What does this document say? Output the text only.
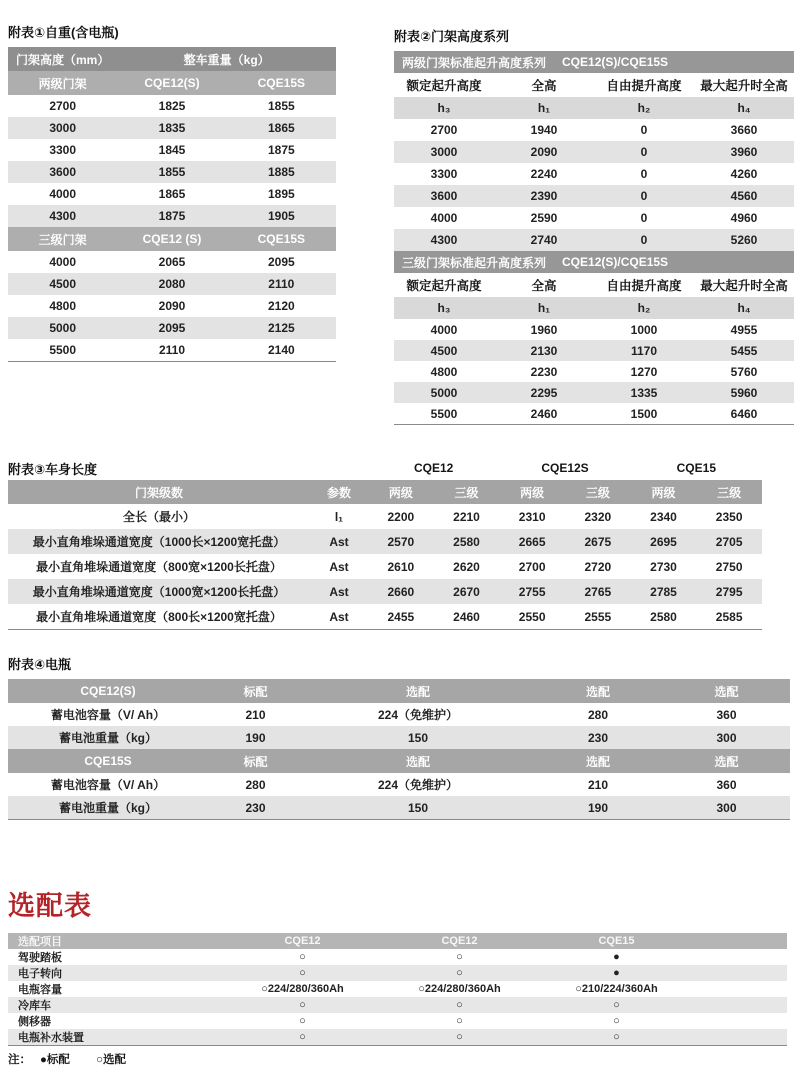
附表①自重(含电瓶)
门架高度（mm）	整车重量（kg）
两级门架	CQE12(S)	CQE15S
2700	1825	1855
3000	1835	1865
3300	1845	1875
3600	1855	1885
4000	1865	1895
4300	1875	1905
三级门架	CQE12 (S)	CQE15S
4000	2065	2095
4500	2080	2110
4800	2090	2120
5000	2095	2125
5500	2110	2140
附表②门架高度系列
两级门架标准起升高度系列 CQE12(S)/CQE15S
额定起升高度	全高	自由提升高度	最大起升时全高
h₃	h₁	h₂	h₄
2700	1940	0	3660
3000	2090	0	3960
3300	2240	0	4260
3600	2390	0	4560
4000	2590	0	4960
4300	2740	0	5260
三级门架标准起升高度系列 CQE12(S)/CQE15S
额定起升高度	全高	自由提升高度	最大起升时全高
h₃	h₁	h₂	h₄
4000	1960	1000	4955
4500	2130	1170	5455
4800	2230	1270	5760
5000	2295	1335	5960
5500	2460	1500	6460
附表③车身长度	CQE12	CQE12S	CQE15
门架级数	参数	两级	三级	两级	三级	两级	三级
全长（最小）	l₁	2200	2210	2310	2320	2340	2350
最小直角堆垛通道宽度（1000长×1200宽托盘）	Ast	2570	2580	2665	2675	2695	2705
最小直角堆垛通道宽度（800宽×1200长托盘）	Ast	2610	2620	2700	2720	2730	2750
最小直角堆垛通道宽度（1000宽×1200长托盘）	Ast	2660	2670	2755	2765	2785	2795
最小直角堆垛通道宽度（800长×1200宽托盘）	Ast	2455	2460	2550	2555	2580	2585
附表④电瓶
CQE12(S)	标配	选配	选配	选配
蓄电池容量（V/ Ah）	210	224（免维护）	280	360
蓄电池重量（kg）	190	150	230	300
CQE15S	标配	选配	选配	选配
蓄电池容量（V/ Ah）	280	224（免维护）	210	360
蓄电池重量（kg）	230	150	190	300
选配表
选配项目	CQE12	CQE12	CQE15
驾驶踏板	○	○	●
电子转向	○	○	●
电瓶容量	○224/280/360Ah	○224/280/360Ah	○210/224/360Ah
冷库车	○	○	○
侧移器	○	○	○
电瓶补水装置	○	○	○
注：　 ●标配　　 ○选配
